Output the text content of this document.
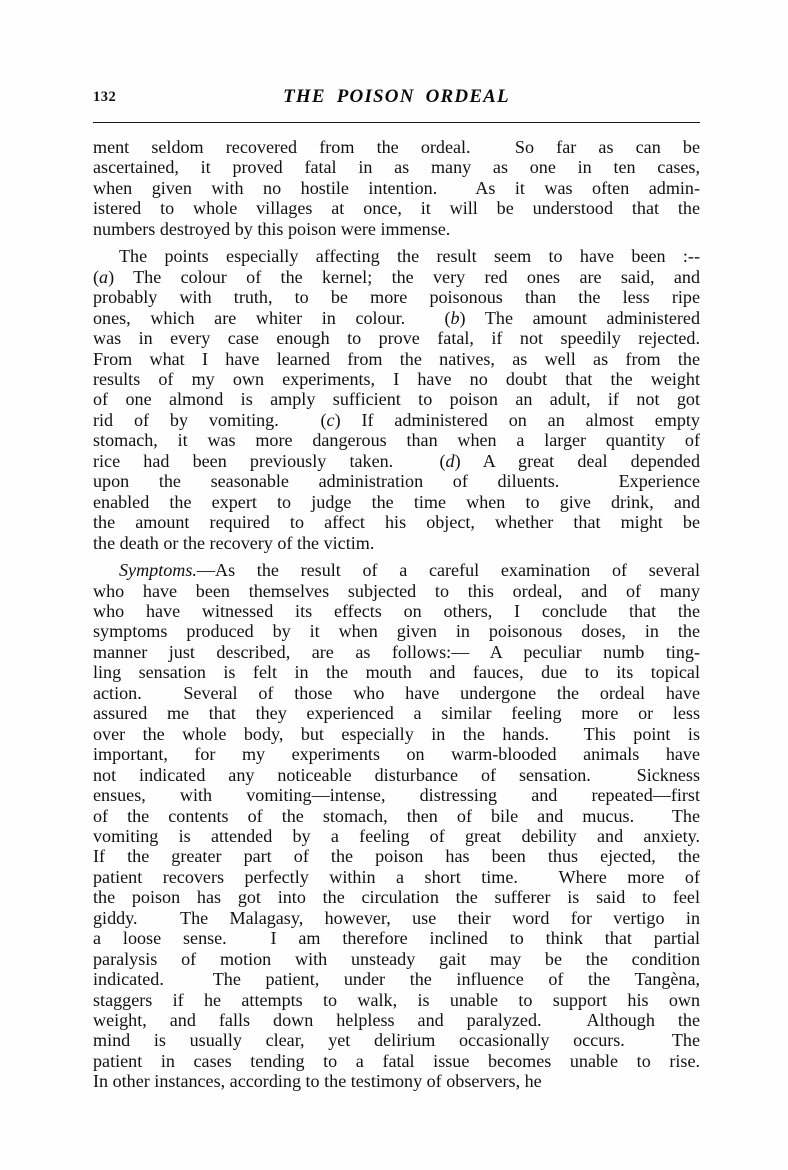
132	THE POISON ORDEAL

ment seldom recovered from the ordeal.  So far as can be
ascertained, it proved fatal in as many as one in ten cases,
when given with no hostile intention.  As it was often admin-
istered to whole villages at once, it will be understood that the
numbers destroyed by this poison were immense.

The points especially affecting the result seem to have been :--
(a) The colour of the kernel; the very red ones are said, and
probably with truth, to be more poisonous than the less ripe
ones, which are whiter in colour.  (b) The amount administered
was in every case enough to prove fatal, if not speedily rejected.
From what I have learned from the natives, as well as from the
results of my own experiments, I have no doubt that the weight
of one almond is amply sufficient to poison an adult, if not got
rid of by vomiting.  (c) If administered on an almost empty
stomach, it was more dangerous than when a larger quantity of
rice had been previously taken.  (d) A great deal depended
upon the seasonable administration of diluents.  Experience
enabled the expert to judge the time when to give drink, and
the amount required to affect his object, whether that might be
the death or the recovery of the victim.

Symptoms.—As the result of a careful examination of several
who have been themselves subjected to this ordeal, and of many
who have witnessed its effects on others, I conclude that the
symptoms produced by it when given in poisonous doses, in the
manner just described, are as follows:— A peculiar numb ting-
ling sensation is felt in the mouth and fauces, due to its topical
action.  Several of those who have undergone the ordeal have
assured me that they experienced a similar feeling more or less
over the whole body, but especially in the hands.  This point is
important, for my experiments on warm-blooded animals have
not indicated any noticeable disturbance of sensation.  Sickness
ensues, with vomiting—intense, distressing and repeated—first
of the contents of the stomach, then of bile and mucus.  The
vomiting is attended by a feeling of great debility and anxiety.
If the greater part of the poison has been thus ejected, the
patient recovers perfectly within a short time.  Where more of
the poison has got into the circulation the sufferer is said to feel
giddy.  The Malagasy, however, use their word for vertigo in
a loose sense.  I am therefore inclined to think that partial
paralysis of motion with unsteady gait may be the condition
indicated.  The patient, under the influence of the Tangèna,
staggers if he attempts to walk, is unable to support his own
weight, and falls down helpless and paralyzed.  Although the
mind is usually clear, yet delirium occasionally occurs.  The
patient in cases tending to a fatal issue becomes unable to rise.
In other instances, according to the testimony of observers, he
